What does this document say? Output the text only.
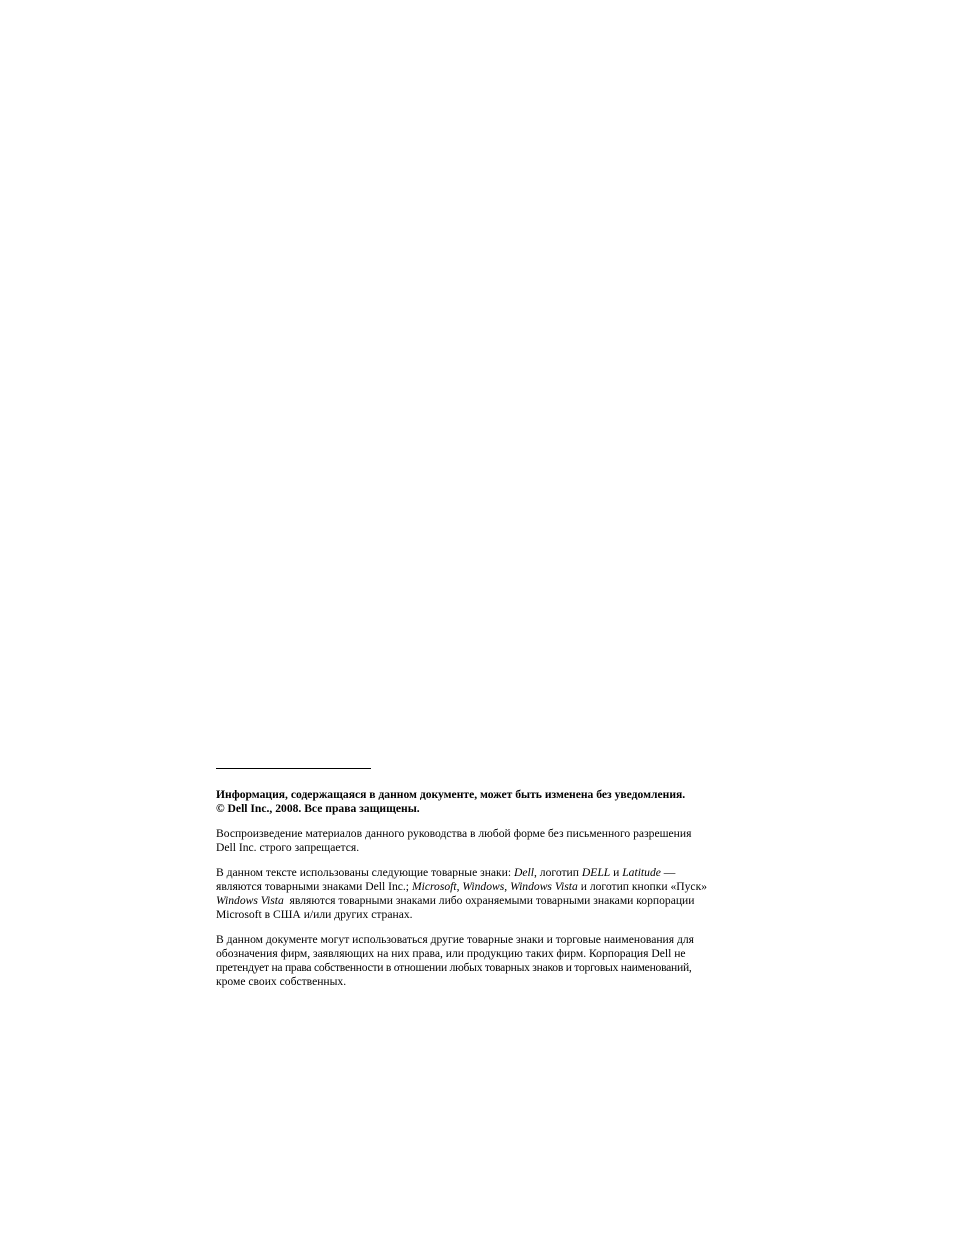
Информация, содержащаяся в данном документе, может быть изменена без уведомления.
© Dell Inc., 2008. Все права защищены.

Воспроизведение материалов данного руководства в любой форме без письменного разрешения
Dell Inc. строго запрещается.

В данном тексте использованы следующие товарные знаки: Dell, логотип DELL и Latitude —
являются товарными знаками Dell Inc.; Microsoft, Windows, Windows Vista и логотип кнопки «Пуск»
Windows Vista  являются товарными знаками либо охраняемыми товарными знаками корпорации
Microsoft в США и/или других странах.

В данном документе могут использоваться другие товарные знаки и торговые наименования для
обозначения фирм, заявляющих на них права, или продукцию таких фирм. Корпорация Dell не
претендует на права собственности в отношении любых товарных знаков и торговых наименований,
кроме своих собственных.
